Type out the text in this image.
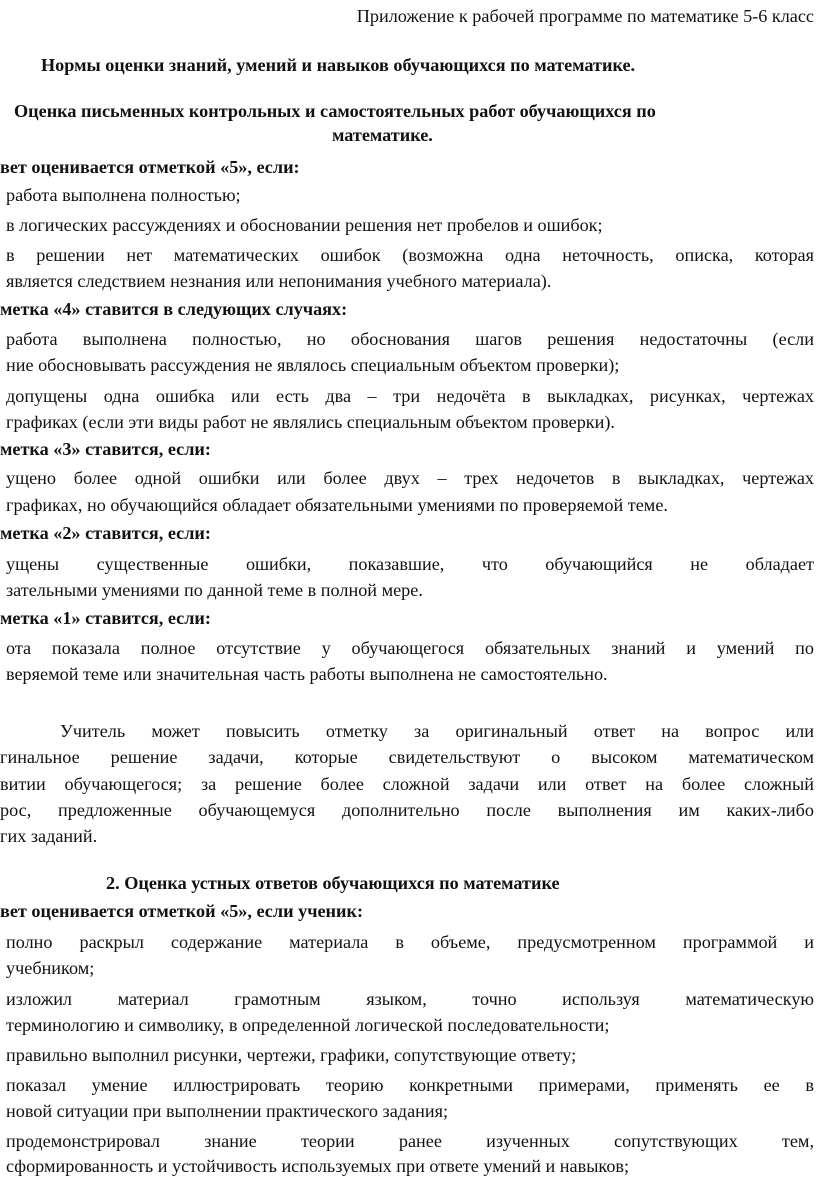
Приложение к рабочей программе по математике 5-6 класс
Нормы оценки знаний, умений и навыков обучающихся по математике.
Оценка письменных контрольных и самостоятельных работ обучающихся по
математике.
вет оценивается отметкой «5», если:
работа выполнена полностью;
в логических рассуждениях и обосновании решения нет пробелов и ошибок;
в решении нет математических ошибок (возможна одна неточность, описка, которая
является следствием незнания или непонимания учебного материала).
метка «4» ставится в следующих случаях:
работа выполнена полностью, но обоснования шагов решения недостаточны (если
ние обосновывать рассуждения не являлось специальным объектом проверки);
допущены одна ошибка или есть два – три недочёта в выкладках, рисунках, чертежах
графиках (если эти виды работ не являлись специальным объектом проверки).
метка «3» ставится, если:
ущено более одной ошибки или более двух – трех недочетов в выкладках, чертежах
графиках, но обучающийся обладает обязательными умениями по проверяемой теме.
метка «2» ставится, если:
ущены существенные ошибки, показавшие, что обучающийся не обладает
зательными умениями по данной теме в полной мере.
метка «1» ставится, если:
ота показала полное отсутствие у обучающегося обязательных знаний и умений по
веряемой теме или значительная часть работы выполнена не самостоятельно.
Учитель может повысить отметку за оригинальный ответ на вопрос или
гинальное решение задачи, которые свидетельствуют о высоком математическом
витии обучающегося; за решение более сложной задачи или ответ на более сложный
рос, предложенные обучающемуся дополнительно после выполнения им каких-либо
гих заданий.
2. Оценка устных ответов обучающихся по математике
вет оценивается отметкой «5», если ученик:
полно раскрыл содержание материала в объеме, предусмотренном программой и
учебником;
изложил материал грамотным языком, точно используя математическую
терминологию и символику, в определенной логической последовательности;
правильно выполнил рисунки, чертежи, графики, сопутствующие ответу;
показал умение иллюстрировать теорию конкретными примерами, применять ее в
новой ситуации при выполнении практического задания;
продемонстрировал знание теории ранее изученных сопутствующих тем,
сформированность и устойчивость используемых при ответе умений и навыков;
